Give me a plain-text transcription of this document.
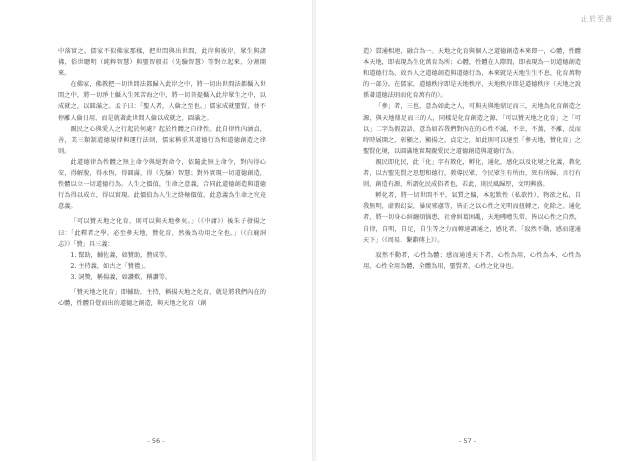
中落實之。儒家不似佛家那樣，把世問與出世間，此岸與彼岸，眾生與諸佛，俗世聰明（純粹智慧）與聖智般若（先驗智慧）等對立起來，分割開來。

在佛家，佛教把一切世間法都歸入此岸之中，將一切出世間法都攝入世間之中，將一切淨土攝入生死苦海之中，將一切菩提攝入此岸眾生之中，以成就之，以圓滿之。孟子曰：「聖人者，人倫之至也。」儒家成就聖賢，並不停離人倫日用，而是就著此世間人倫以成就之，圓滿之。

親民之心與愛人之行起於何處？起於性體之自律性。此自律性內涵貞，善，美三類制道德規律與運行法則，儒家稱重其道德行為和道德創造之律則。

此道德律為性體之無上命令與絕對命令，依隨此無上命令，對內得心安，得解脫，得永恆，得圓滿，得（先驗）智慧；對外實現一切道德創造，性體以立一切道德行為。人生之價值，生命之意義，合同此道德創造與道德行為得以成立，得以實現。此價值為人生之終極價值，此意義為生命之究竟意義。

「可以贊天地之化育，則可以與天地參矣。」（《中庸》）後朱子發揚之曰：「此釋者之學，必至參天地，贊化育，然後為功用之全也。」（《白鹿洞志》）「贊」具三義：

1. 幫助，輔佐義，如贊助，贊成等。

2. 主持義，如古之「贊禮」。

3. 詞獎，稱揚義，如讚歎，稱讚等。

「贊天地之化育」即輔助，主持，稱揚天地之化育，就是將我們內在的心體，性體自覺而出的道德之創造，與天地之化育（創

- 56 -
止於至善

造）貫通相連，融合為一。天地之化育與個人之道德創造本來即一，心體，性體本天地，即表現為生化萬育為所；心體，性體在人際間，即表現為一切道德創造和道德行為，故吾人之道德創造與道德行為，本來就是天地生生不息，化育萬物的一部分。在儒家，道德秩序即是天地秩序，天地秩序即是道德秩序（天地之說係著道德法則而化育萬有的）。

「參」者，三也，意為如此之人，可與天與地鼎足而三，天地為化育創造之源，與天地鼎足而三的人，同樣是化育創造之源，「可以贊天地之化育」之「可以」二字為假設語，意為如若我們對內在的心性不滅，不幸，不蒸，不離，反而時時展開之，彰顯之，顯揚之，貞定之，如此則可以達至「參天地，贊化育」之聖賢化境，以圓滿地實現親愛民之道德創造與道德行為。

親民即化民，此「化」字有教化，孵化，通化，感化以及化境之化義，教化者，以古聖先賢之思想和德行，教導民眾，令民眾生有所由，死有所歸，言行有則，創造有源，所謂化民成俗者也，若此，則民風歸厚，文明興盛。

孵化者，將一切世間不平，氣質之偏，本起默性（私欲性），物欲之私，自我無明，虛假幻妄，暴戾邪慮等，皆正之以心性之光明而扭轉之，化除之。通化者，將一切身心糾纏煩惱患，社會糾葛困亂，天地咈嘈失常，皆以心性之自然，自律，自明，自足，自生等之力而轉速調通之，感化者，「寂然不動，感而遂通天下」（《周易．繫辭傳上》）。

寂然不動者，心性為體；感而通遠天下者，心性為用，心性為本，心性為用，心性全用為體，全體為用，聖賢者，心性之化身也。

- 57 -
